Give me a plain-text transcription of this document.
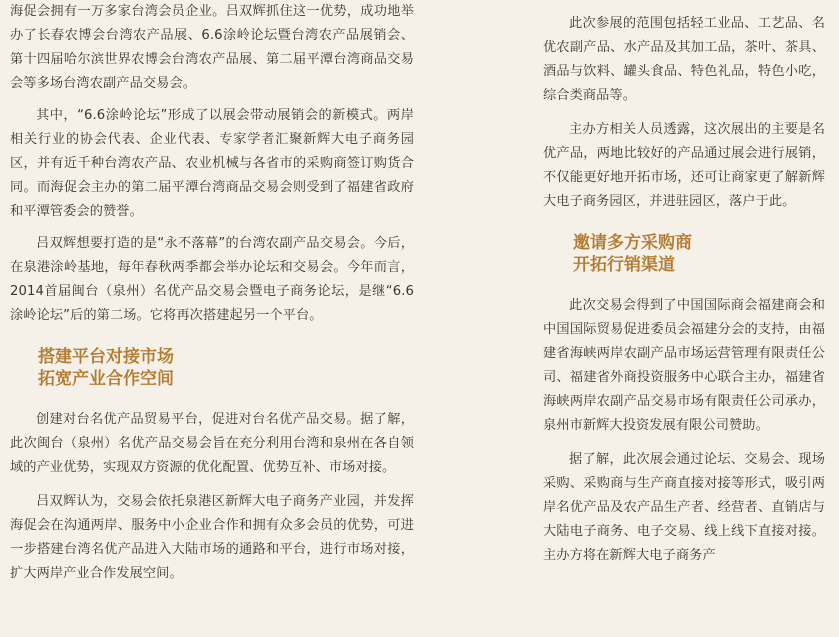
海促会拥有一万多家台湾会员企业。吕双辉抓住这一优势，成功地举办了长春农博会台湾农产品展、6.6涂岭论坛暨台湾农产品展销会、第十四届哈尔滨世界农博会台湾农产品展、第二届平潭台湾商品交易会等多场台湾农副产品交易会。

其中，“6.6涂岭论坛”形成了以展会带动展销会的新模式。两岸相关行业的协会代表、企业代表、专家学者汇聚新辉大电子商务园区，并有近千种台湾农产品、农业机械与各省市的采购商签订购货合同。而海促会主办的第二届平潭台湾商品交易会则受到了福建省政府和平潭管委会的赞誉。

吕双辉想要打造的是“永不落幕”的台湾农副产品交易会。今后，在泉港涂岭基地，每年春秋两季都会举办论坛和交易会。今年而言，2014首届闽台（泉州）名优产品交易会暨电子商务论坛，是继“6.6涂岭论坛”后的第二场。它将再次搭建起另一个平台。

搭建平台对接市场

拓宽产业合作空间

创建对台名优产品贸易平台，促进对台名优产品交易。据了解，此次闽台（泉州）名优产品交易会旨在充分利用台湾和泉州在各自领域的产业优势，实现双方资源的优化配置、优势互补、市场对接。

吕双辉认为，交易会依托泉港区新辉大电子商务产业园，并发挥海促会在沟通两岸、服务中小企业合作和拥有众多会员的优势，可进一步搭建台湾名优产品进入大陆市场的通路和平台，进行市场对接，扩大两岸产业合作发展空间。

此次参展的范围包括轻工业品、工艺品、名优农副产品、水产品及其加工品，茶叶、茶具、酒品与饮料、罐头食品、特色礼品，特色小吃，综合类商品等。

主办方相关人员透露，这次展出的主要是名优产品，两地比较好的产品通过展会进行展销，不仅能更好地开拓市场，还可让商家更了解新辉大电子商务园区，并进驻园区，落户于此。

邀请多方采购商

开拓行销渠道

此次交易会得到了中国国际商会福建商会和中国国际贸易促进委员会福建分会的支持，由福建省海峡两岸农副产品市场运营管理有限责任公司、福建省外商投资服务中心联合主办，福建省海峡两岸农副产品交易市场有限责任公司承办，泉州市新辉大投资发展有限公司赞助。

据了解，此次展会通过论坛、交易会、现场采购、采购商与生产商直接对接等形式，吸引两岸名优产品及农产品生产者、经营者、直销店与大陆电子商务、电子交易、线上线下直接对接。主办方将在新辉大电子商务产
